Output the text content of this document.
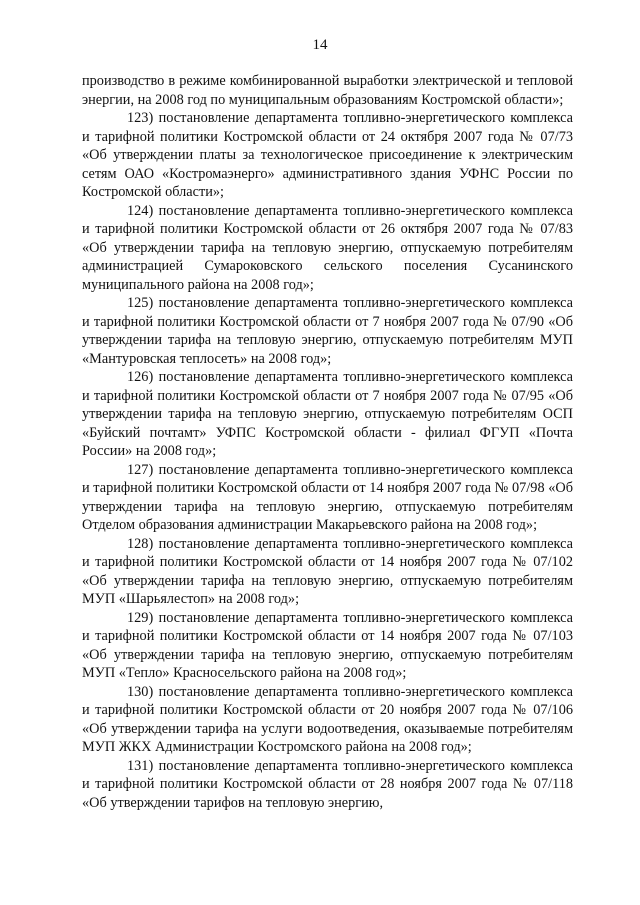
14

производство в режиме комбинированной выработки электрической и тепловой энергии, на 2008 год по муниципальным образованиям Костромской области»;

123) постановление департамента топливно-энергетического комплекса и тарифной политики Костромской области от 24 октября 2007 года № 07/73 «Об утверждении платы за технологическое присоединение к электрическим сетям ОАО «Костромаэнерго» административного здания УФНС России по Костромской области»;

124) постановление департамента топливно-энергетического комплекса и тарифной политики Костромской области от 26 октября 2007 года № 07/83 «Об утверждении тарифа на тепловую энергию, отпускаемую потребителям администрацией Сумароковского сельского поселения Сусанинского муниципального района на 2008 год»;

125) постановление департамента топливно-энергетического комплекса и тарифной политики Костромской области от 7 ноября 2007 года № 07/90 «Об утверждении тарифа на тепловую энергию, отпускаемую потребителям МУП «Мантуровская теплосеть» на 2008 год»;

126) постановление департамента топливно-энергетического комплекса и тарифной политики Костромской области от 7 ноября 2007 года № 07/95 «Об утверждении тарифа на тепловую энергию, отпускаемую потребителям ОСП «Буйский почтамт» УФПС Костромской области - филиал ФГУП «Почта России» на 2008 год»;

127) постановление департамента топливно-энергетического комплекса и тарифной политики Костромской области от 14 ноября 2007 года № 07/98 «Об утверждении тарифа на тепловую энергию, отпускаемую потребителям Отделом образования администрации Макарьевского района на 2008 год»;

128) постановление департамента топливно-энергетического комплекса и тарифной политики Костромской области от 14 ноября 2007 года № 07/102 «Об утверждении тарифа на тепловую энергию, отпускаемую потребителям МУП «Шарьялестоп» на 2008 год»;

129) постановление департамента топливно-энергетического комплекса и тарифной политики Костромской области от 14 ноября 2007 года № 07/103 «Об утверждении тарифа на тепловую энергию, отпускаемую потребителям МУП «Тепло» Красносельского района на 2008 год»;

130) постановление департамента топливно-энергетического комплекса и тарифной политики Костромской области от 20 ноября 2007 года № 07/106 «Об утверждении тарифа на услуги водоотведения, оказываемые потребителям МУП ЖКХ Администрации Костромского района на 2008 год»;

131) постановление департамента топливно-энергетического комплекса и тарифной политики Костромской области от 28 ноября 2007 года № 07/118 «Об утверждении тарифов на тепловую энергию,
